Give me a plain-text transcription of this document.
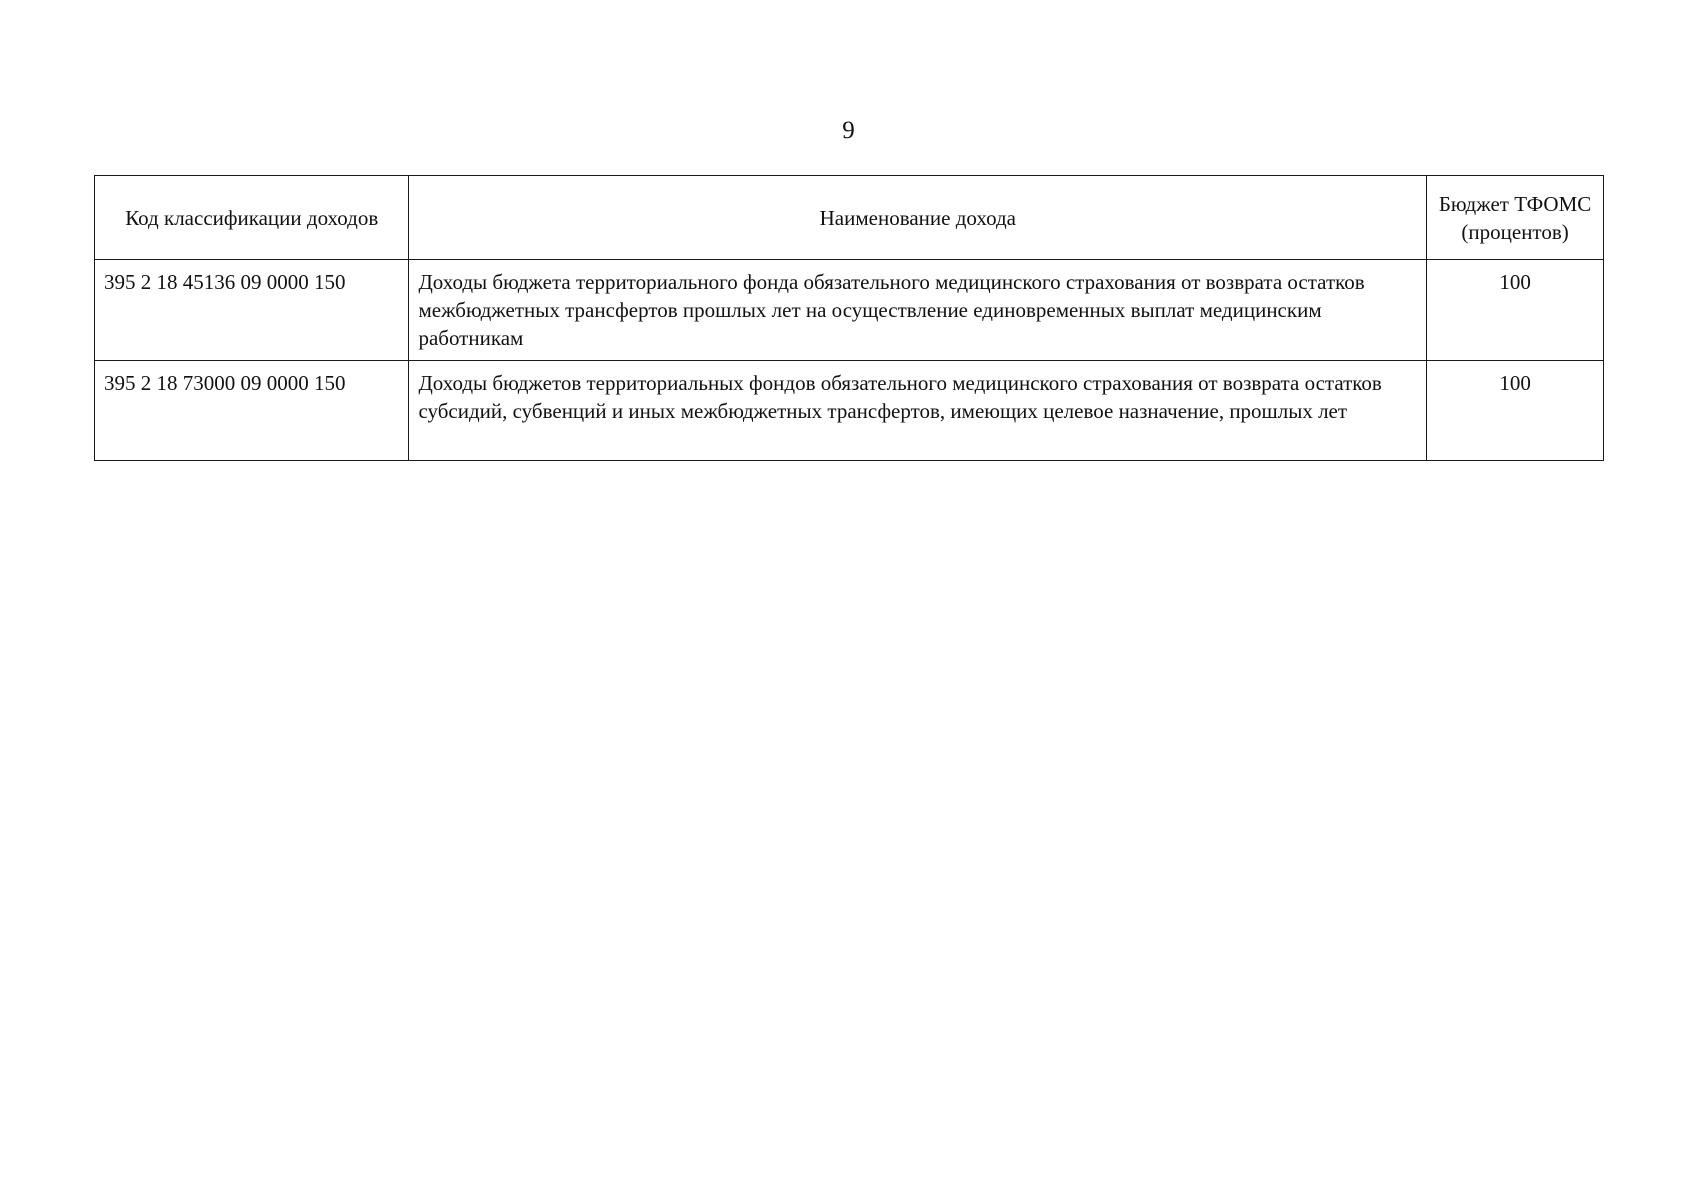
9
Код классификации доходов	Наименование дохода	Бюджет ТФОМС (процентов)
395 2 18 45136 09 0000 150	Доходы бюджета территориального фонда обязательного медицинского страхования от возврата остатков межбюджетных трансфертов прошлых лет на осуществление единовременных выплат медицинским работникам	100
395 2 18 73000 09 0000 150	Доходы бюджетов территориальных фондов обязательного медицинского страхования от возврата остатков субсидий, субвенций и иных межбюджетных трансфертов, имеющих целевое назначение, прошлых лет	100
